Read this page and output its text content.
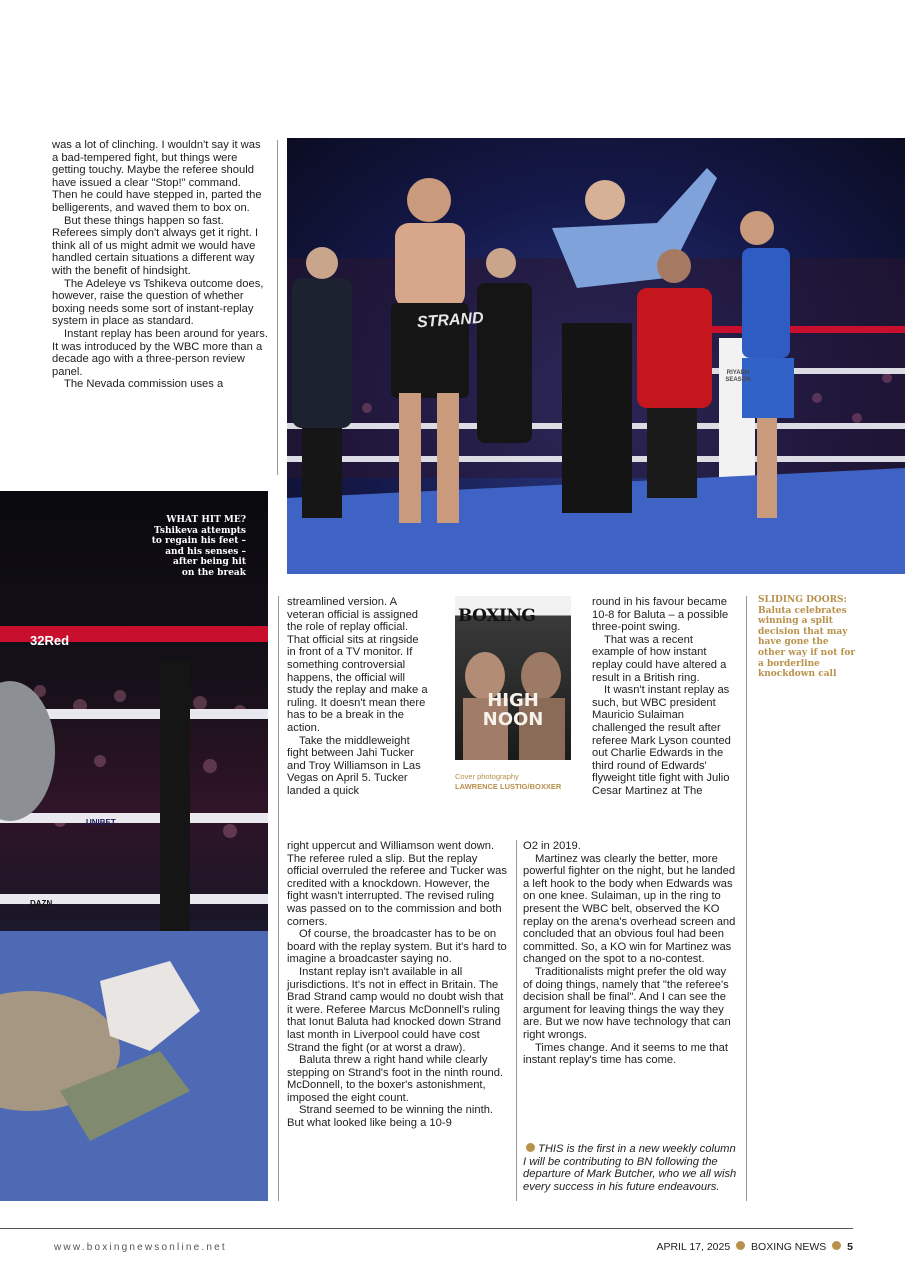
was a lot of clinching. I wouldn't say it was a bad-tempered fight, but things were getting touchy. Maybe the referee should have issued a clear "Stop!" command. Then he could have stepped in, parted the belligerents, and waved them to box on.

But these things happen so fast. Referees simply don't always get it right. I think all of us might admit we would have handled certain situations a different way with the benefit of hindsight.

The Adeleye vs Tshikeva outcome does, however, raise the question of whether boxing needs some sort of instant-replay system in place as standard.

Instant replay has been around for years. It was introduced by the WBC more than a decade ago with a three-person review panel.

The Nevada commission uses a

32Red
UNIBET
DAZN
WHAT HIT ME?
Tshikeva attempts
to regain his feet –
and his senses –
after being hit
on the break
STRAND
RIYADH SEASON
SLIDING DOORS: Baluta celebrates winning a split decision that may have gone the other way if not for a borderline knockdown call

streamlined version. A veteran official is assigned the role of replay official. That official sits at ringside in front of a TV monitor. If something controversial happens, the official will study the replay and make a ruling. It doesn't mean there has to be a break in the action.

Take the middleweight fight between Jahi Tucker and Troy Williamson in Las Vegas on April 5. Tucker landed a quick

BOXING
HIGH NOON
Cover photography
LAWRENCE LUSTIG/BOXXER

right uppercut and Williamson went down. The referee ruled a slip. But the replay official overruled the referee and Tucker was credited with a knockdown. However, the fight wasn't interrupted. The revised ruling was passed on to the commission and both corners.

Of course, the broadcaster has to be on board with the replay system. But it's hard to imagine a broadcaster saying no.

Instant replay isn't available in all jurisdictions. It's not in effect in Britain. The Brad Strand camp would no doubt wish that it were. Referee Marcus McDonnell's ruling that Ionut Baluta had knocked down Strand last month in Liverpool could have cost Strand the fight (or at worst a draw).

Baluta threw a right hand while clearly stepping on Strand's foot in the ninth round. McDonnell, to the boxer's astonishment, imposed the eight count.

Strand seemed to be winning the ninth. But what looked like being a 10-9

round in his favour became 10-8 for Baluta – a possible three-point swing.

That was a recent example of how instant replay could have altered a result in a British ring.

It wasn't instant replay as such, but WBC president Mauricio Sulaiman challenged the result after referee Mark Lyson counted out Charlie Edwards in the third round of Edwards' flyweight title fight with Julio Cesar Martinez at The

O2 in 2019.

Martinez was clearly the better, more powerful fighter on the night, but he landed a left hook to the body when Edwards was on one knee. Sulaiman, up in the ring to present the WBC belt, observed the KO replay on the arena's overhead screen and concluded that an obvious foul had been committed. So, a KO win for Martinez was changed on the spot to a no-contest.

Traditionalists might prefer the old way of doing things, namely that "the referee's decision shall be final". And I can see the argument for leaving things the way they are. But we now have technology that can right wrongs.

Times change. And it seems to me that instant replay's time has come.

THIS is the first in a new weekly column I will be contributing to BN following the departure of Mark Butcher, who we all wish every success in his future endeavours.
www.boxingnewsonline.net	APRIL 17, 2025 BOXING NEWS 5
